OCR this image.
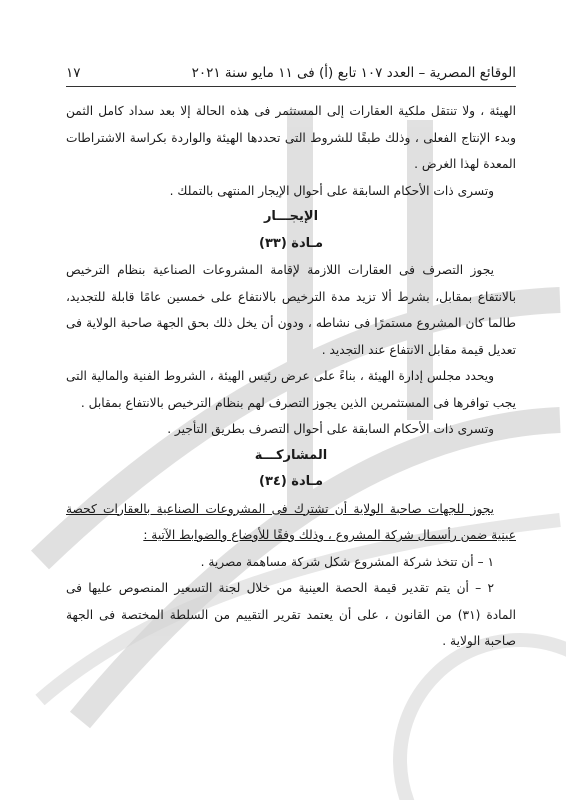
الوقائع المصرية – العدد ١٠٧ تابع (أ) فى ١١ مايو سنة ٢٠٢١
١٧

الهيئة ، ولا تنتقل ملكية العقارات إلى المستثمر فى هذه الحالة إلا بعد سداد كامل الثمن وبدء الإنتاج الفعلى ، وذلك طبقًا للشروط التى تحددها الهيئة والواردة بكراسة الاشتراطات المعدة لهذا الغرض .

وتسرى ذات الأحكام السابقة على أحوال الإيجار المنتهى بالتملك .

الإيجـــار

مـادة (٣٣)

يجوز التصرف فى العقارات اللازمة لإقامة المشروعات الصناعية بنظام الترخيص بالانتفاع بمقابل، بشرط ألا تزيد مدة الترخيص بالانتفاع على خمسين عامًا قابلة للتجديد، طالما كان المشروع مستمرًا فى نشاطه ، ودون أن يخل ذلك بحق الجهة صاحبة الولاية فى تعديل قيمة مقابل الانتفاع عند التجديد .

ويحدد مجلس إدارة الهيئة ، بناءً على عرض رئيس الهيئة ، الشروط الفنية والمالية التى يجب توافرها فى المستثمرين الذين يجوز التصرف لهم بنظام الترخيص بالانتفاع بمقابل .

وتسرى ذات الأحكام السابقة على أحوال التصرف بطريق التأجير .

المشاركـــة

مـادة (٣٤)

يجوز للجهات صاحبة الولاية أن تشترك فى المشروعات الصناعية بالعقارات كحصة عينية ضمن رأسمال شركة المشروع ، وذلك وفقًا للأوضاع والضوابط الآتية :

١ – أن تتخذ شركة المشروع شكل شركة مساهمة مصرية .

٢ – أن يتم تقدير قيمة الحصة العينية من خلال لجنة التسعير المنصوص عليها فى المادة (٣١) من القانون ، على أن يعتمد تقرير التقييم من السلطة المختصة فى الجهة صاحبة الولاية .
